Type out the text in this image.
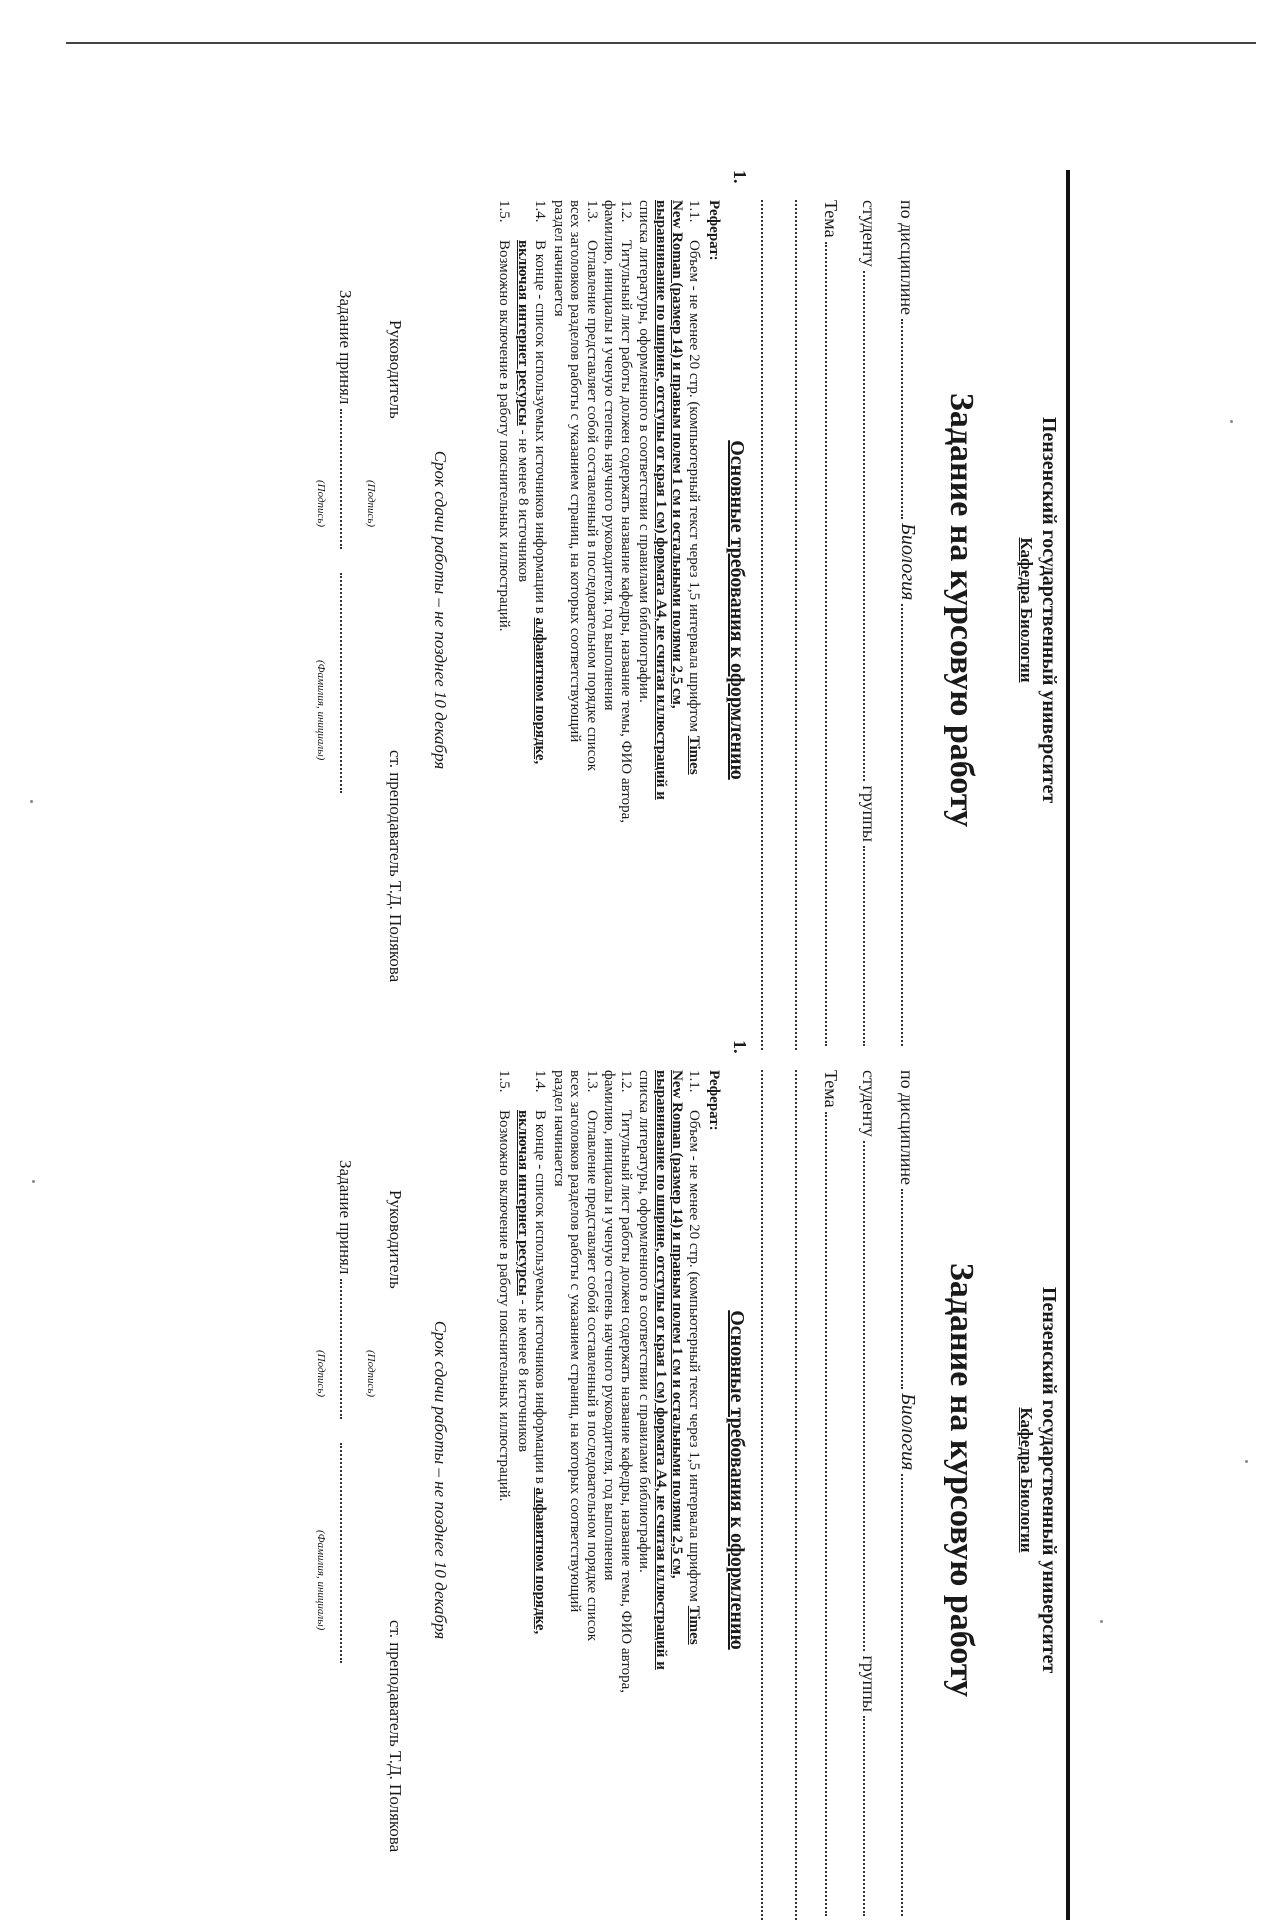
Пензенский государственный университет
Кафедра Биологии
Задание на курсовую работу
по дисциплине
Биология
студенту
группы
Тема
1.
Основные требования к оформлению
Реферат:
1.1.Объем - не менее 20 стр. (компьютерный текст через 1,5 интервала шрифтом Times
New Roman (размер 14) и правым полем 1 см и остальными полями 2,5 см,
выравнивание по ширине, отступы от края 1 см) формата А4, не считая иллюстраций и
списка литературы, оформленного в соответствии с правилами библиографии.
1.2.Титульный лист работы должен содержать название кафедры, название темы, ФИО автора,
фамилию, инициалы и ученую степень научного руководителя, год выполнения
1.3.Оглавление представляет собой составленный в последовательном порядке список
всех заголовков разделов работы с указанием страниц, на которых соответствующий
раздел начинается
1.4.В конце - список используемых источников информации в алфавитном порядке,
включая интернет ресурсы - не менее 8 источников
1.5.Возможно включение в работу пояснительных иллюстраций.
Срок сдачи работы – не позднее 10 декабря
Руководитель
ст. преподаватель Т.Д. Полякова
(Подпись)
Задание принял
(Подпись)
(Фамилия, инициалы)
Пензенский государственный университет
Кафедра Биологии
Задание на курсовую работу
по дисциплине
Биология
студенту
группы
Тема
1.
Основные требования к оформлению
Реферат:
1.1.Объем - не менее 20 стр. (компьютерный текст через 1,5 интервала шрифтом Times
New Roman (размер 14) и правым полем 1 см и остальными полями 2,5 см,
выравнивание по ширине, отступы от края 1 см) формата А4, не считая иллюстраций и
списка литературы, оформленного в соответствии с правилами библиографии.
1.2.Титульный лист работы должен содержать название кафедры, название темы, ФИО автора,
фамилию, инициалы и ученую степень научного руководителя, год выполнения
1.3.Оглавление представляет собой составленный в последовательном порядке список
всех заголовков разделов работы с указанием страниц, на которых соответствующий
раздел начинается
1.4.В конце - список используемых источников информации в алфавитном порядке,
включая интернет ресурсы - не менее 8 источников
1.5.Возможно включение в работу пояснительных иллюстраций.
Срок сдачи работы – не позднее 10 декабря
Руководитель
ст. преподаватель Т.Д. Полякова
(Подпись)
Задание принял
(Подпись)
(Фамилия, инициалы)
